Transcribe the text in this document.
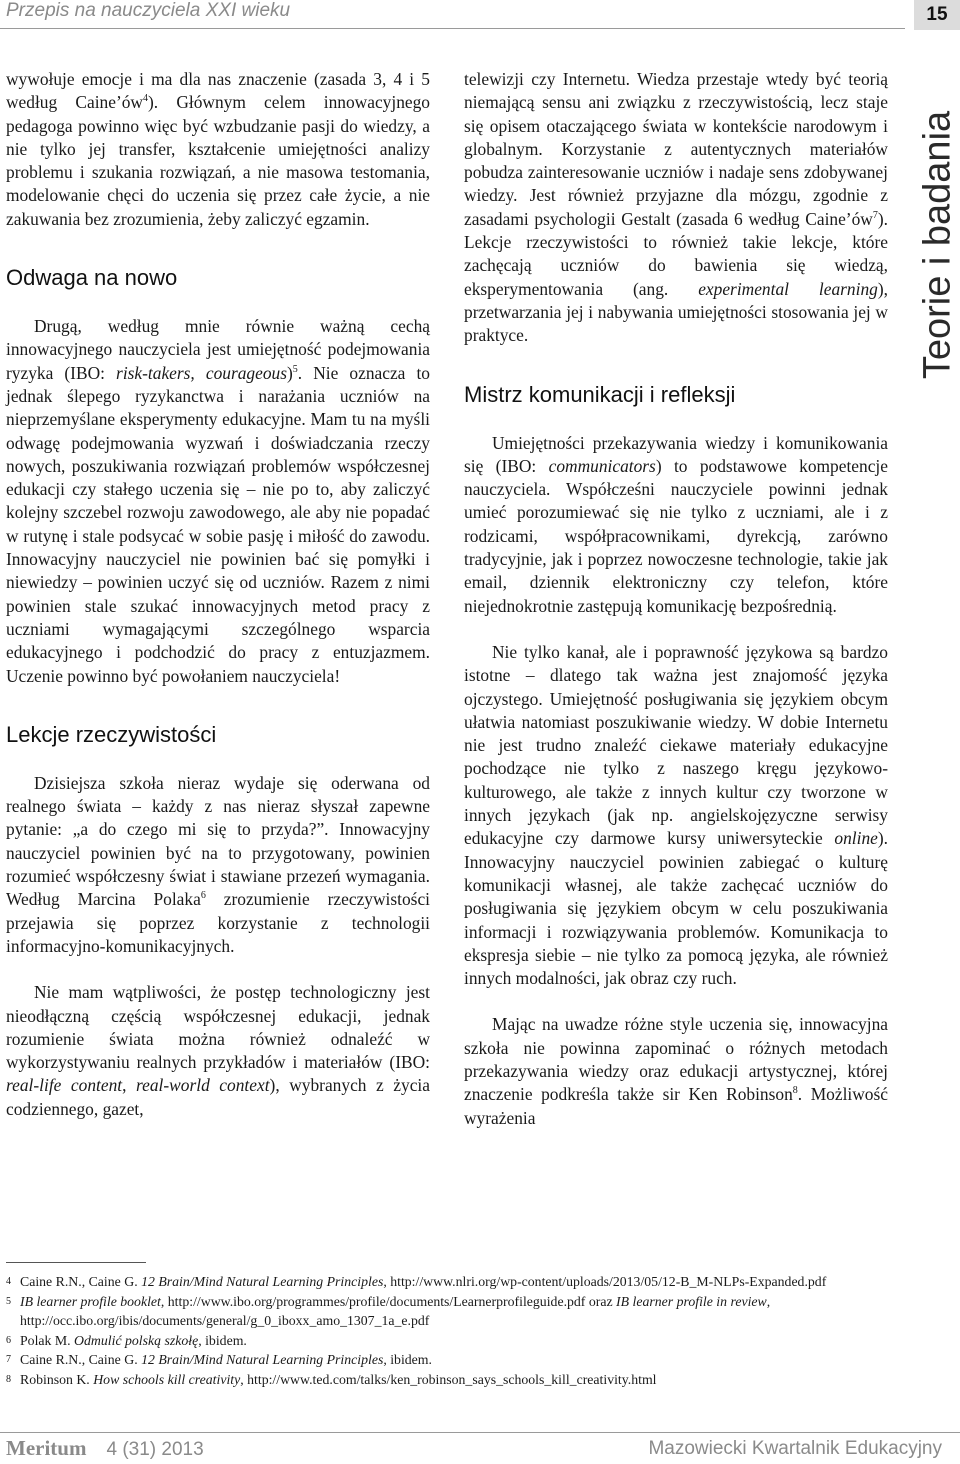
Przepis na nauczyciela XXI wieku	15
Teorie i badania

wywołuje emocje i ma dla nas znaczenie (zasada 3, 4 i 5 według $Caine’ów^4$). Głównym celem innowacyjnego pedagoga powinno więc być wzbudzanie pasji do wiedzy, a nie tylko jej transfer, kształcenie umiejętności analizy problemu i szukania rozwiązań, a nie masowa testomania, modelowanie chęci do uczenia się przez całe życie, a nie zakuwania bez zrozumienia, żeby zaliczyć egzamin.

Odwaga na nowo

Drugą, według mnie równie ważną cechą innowacyjnego nauczyciela jest umiejętność podejmowania ryzyka (IBO: risk-takers, courageous)$^5$. Nie oznacza to jednak ślepego ryzykanctwa i narażania uczniów na nieprzemyślane eksperymenty edukacyjne. Mam tu na myśli odwagę podejmowania wyzwań i doświadczania rzeczy nowych, poszukiwania rozwiązań problemów współczesnej edukacji czy stałego uczenia się – nie po to, aby zaliczyć kolejny szczebel rozwoju zawodowego, ale aby nie popadać w rutynę i stale podsycać w sobie pasję i miłość do zawodu. Innowacyjny nauczyciel nie powinien bać się pomyłki i niewiedzy – powinien uczyć się od uczniów. Razem z nimi powinien stale szukać innowacyjnych metod pracy z uczniami wymagającymi szczególnego wsparcia edukacyjnego i podchodzić do pracy z entuzjazmem. Uczenie powinno być powołaniem nauczyciela!

Lekcje rzeczywistości

Dzisiejsza szkoła nieraz wydaje się oderwana od realnego świata – każdy z nas nieraz słyszał zapewne pytanie: „a do czego mi się to przyda?”. Innowacyjny nauczyciel powinien być na to przygotowany, powinien rozumieć współczesny świat i stawiane przezeń wymagania. Według Marcina Polaka$^6$ zrozumienie rzeczywistości przejawia się poprzez korzystanie z technologii informacyjno-komunikacyjnych.

Nie mam wątpliwości, że postęp technologiczny jest nieodłączną częścią współczesnej edukacji, jednak rozumienie świata można również odnaleźć w wykorzystywaniu realnych przykładów i materiałów (IBO: real-life content, real-world context), wybranych z życia codziennego, gazet,

telewizji czy Internetu. Wiedza przestaje wtedy być teorią niemającą sensu ani związku z rzeczywistością, lecz staje się opisem otaczającego świata w kontekście narodowym i globalnym. Korzystanie z autentycznych materiałów pobudza zainteresowanie uczniów i nadaje sens zdobywanej wiedzy. Jest również przyjazne dla mózgu, zgodnie z zasadami psychologii Gestalt (zasada 6 według $Caine’ów^7$). Lekcje rzeczywistości to również takie lekcje, które zachęcają uczniów do bawienia się wiedzą, eksperymentowania (ang. experimental learning), przetwarzania jej i nabywania umiejętności stosowania jej w praktyce.

Mistrz komunikacji i refleksji

Umiejętności przekazywania wiedzy i komunikowania się (IBO: communicators) to podstawowe kompetencje nauczyciela. Współcześni nauczyciele powinni jednak umieć porozumiewać się nie tylko z uczniami, ale i z rodzicami, współpracownikami, dyrekcją, zarówno tradycyjnie, jak i poprzez nowoczesne technologie, takie jak email, dziennik elektroniczny czy telefon, które niejednokrotnie zastępują komunikację bezpośrednią.

Nie tylko kanał, ale i poprawność językowa są bardzo istotne – dlatego tak ważna jest znajomość języka ojczystego. Umiejętność posługiwania się językiem obcym ułatwia natomiast poszukiwanie wiedzy. W dobie Internetu nie jest trudno znaleźć ciekawe materiały edukacyjne pochodzące nie tylko z naszego kręgu językowo-kulturowego, ale także z innych kultur czy tworzone w innych językach (jak np. angielskojęzyczne serwisy edukacyjne czy darmowe kursy uniwersyteckie online). Innowacyjny nauczyciel powinien zabiegać o kulturę komunikacji własnej, ale także zachęcać uczniów do posługiwania się językiem obcym w celu poszukiwania informacji i rozwiązywania problemów. Komunikacja to ekspresja siebie – nie tylko za pomocą języka, ale również innych modalności, jak obraz czy ruch.

Mając na uwadze różne style uczenia się, innowacyjna szkoła nie powinna zapominać o różnych metodach przekazywania wiedzy oraz edukacji artystycznej, której znaczenie podkreśla także sir Ken Robinson$^8$. Możliwość wyrażenia

4 Caine R.N., Caine G. 12 Brain/Mind Natural Learning Principles, http://www.nlri.org/wp-content/uploads/2013/05/12-B_M-NLPs-Expanded.pdf
5 IB learner profile booklet, http://www.ibo.org/programmes/profile/documents/Learnerprofileguide.pdf oraz IB learner profile in review, http://occ.ibo.org/ibis/documents/general/g_0_iboxx_amo_1307_1a_e.pdf
6 Polak M. Odmulić polską szkołę, ibidem.
7 Caine R.N., Caine G. 12 Brain/Mind Natural Learning Principles, ibidem.
8 Robinson K. How schools kill creativity, http://www.ted.com/talks/ken_robinson_says_schools_kill_creativity.html
Meritum 4 (31) 2013	Mazowiecki Kwartalnik Edukacyjny
